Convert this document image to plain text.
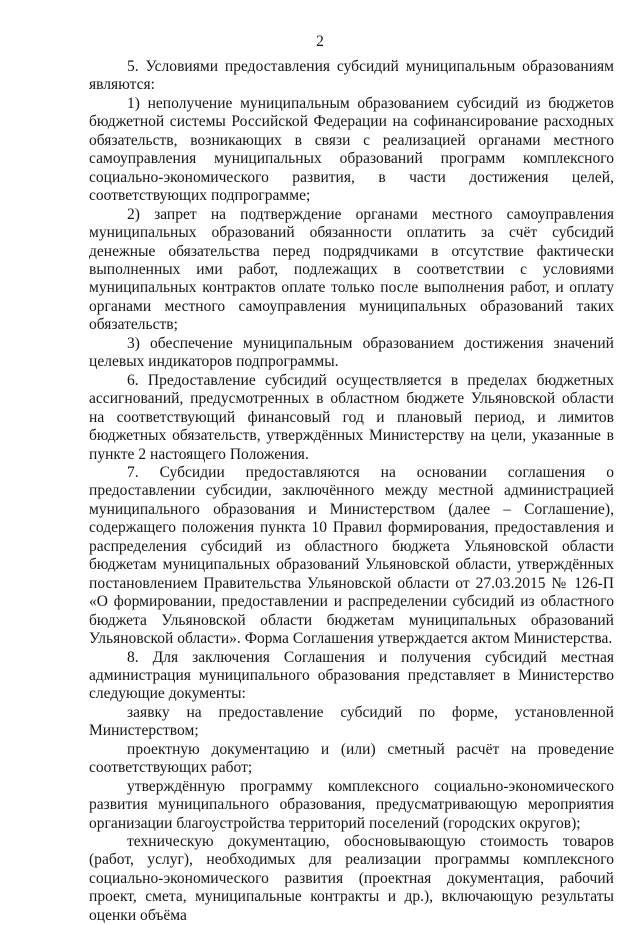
2

5. Условиями предоставления субсидий муниципальным образованиям являются:

1) неполучение муниципальным образованием субсидий из бюджетов бюджетной системы Российской Федерации на софинансирование расходных обязательств, возникающих в связи с реализацией органами местного самоуправления муниципальных образований программ комплексного социально-экономического развития, в части достижения целей, соответствующих подпрограмме;

2) запрет на подтверждение органами местного самоуправления муниципальных образований обязанности оплатить за счёт субсидий денежные обязательства перед подрядчиками в отсутствие фактически выполненных ими работ, подлежащих в соответствии с условиями муниципальных контрактов оплате только после выполнения работ, и оплату органами местного самоуправления муниципальных образований таких обязательств;

3) обеспечение муниципальным образованием достижения значений целевых индикаторов подпрограммы.

6. Предоставление субсидий осуществляется в пределах бюджетных ассигнований, предусмотренных в областном бюджете Ульяновской области на соответствующий финансовый год и плановый период, и лимитов бюджетных обязательств, утверждённых Министерству на цели, указанные в пункте 2 настоящего Положения.

7. Субсидии предоставляются на основании соглашения о предоставлении субсидии, заключённого между местной администрацией муниципального образования и Министерством (далее – Соглашение), содержащего положения пункта 10 Правил формирования, предоставления и распределения субсидий из областного бюджета Ульяновской области бюджетам муниципальных образований Ульяновской области, утверждённых постановлением Правительства Ульяновской области от 27.03.2015 № 126-П «О формировании, предоставлении и распределении субсидий из областного бюджета Ульяновской области бюджетам муниципальных образований Ульяновской области». Форма Соглашения утверждается актом Министерства.

8. Для заключения Соглашения и получения субсидий местная администрация муниципального образования представляет в Министерство следующие документы:

заявку на предоставление субсидий по форме, установленной Министерством;

проектную документацию и (или) сметный расчёт на проведение соответствующих работ;

утверждённую программу комплексного социально-экономического развития муниципального образования, предусматривающую мероприятия организации благоустройства территорий поселений (городских округов);

техническую документацию, обосновывающую стоимость товаров (работ, услуг), необходимых для реализации программы комплексного социально-экономического развития (проектная документация, рабочий проект, смета, муниципальные контракты и др.), включающую результаты оценки объёма
